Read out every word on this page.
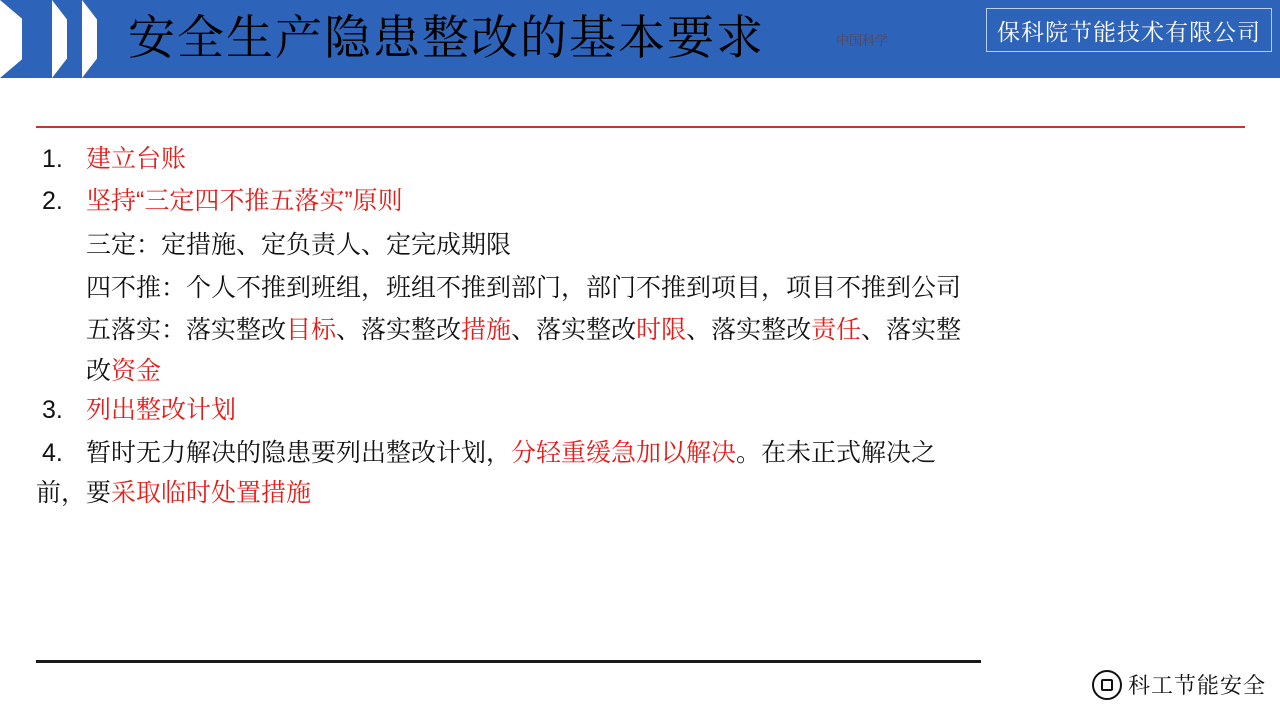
安全生产隐患整改的基本要求	中国科学	保科院节能技术有限公司
1. 建立台账
2. 坚持“三定四不推五落实”原则
三定：定措施、定负责人、定完成期限
四不推：个人不推到班组，班组不推到部门，部门不推到项目，项目不推到公司
五落实：落实整改目标、落实整改措施、落实整改时限、落实整改责任、落实整
改资金
3. 列出整改计划
4. 暂时无力解决的隐患要列出整改计划，分轻重缓急加以解决。在未正式解决之
前，要采取临时处置措施
科工节能安全
